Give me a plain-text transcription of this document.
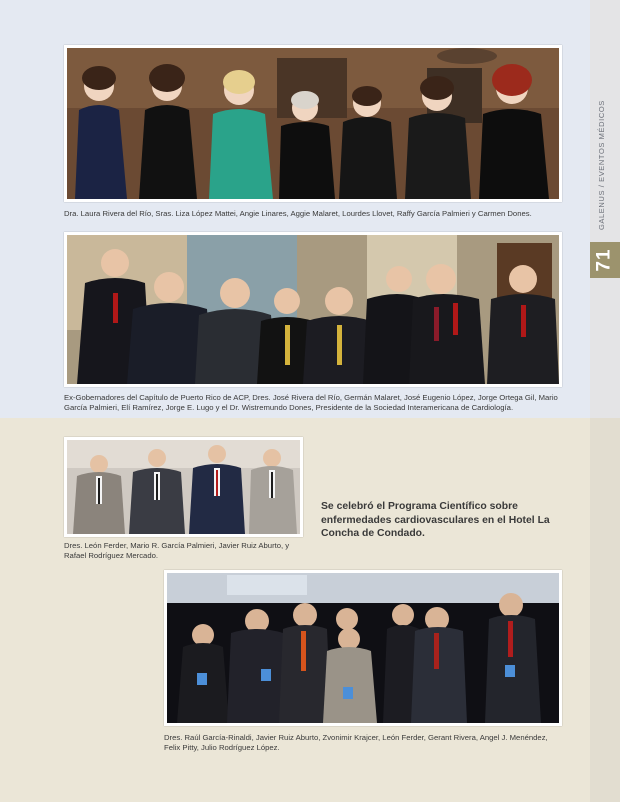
GALENUS / EVENTOS MÉDICOS
71
Dra. Laura Rivera del Río, Sras. Liza López Mattei, Angie Linares, Aggie Malaret, Lourdes Llovet, Raffy García Palmieri y Carmen Dones.
Ex-Gobernadores del Capítulo de Puerto Rico de ACP, Dres. José Rivera del Río, Germán Malaret, José Eugenio López, Jorge Ortega Gil, Mario García Palmieri, Elí Ramírez, Jorge E. Lugo y el Dr. Wistremundo Dones, Presidente de la Sociedad Interamericana de Cardiología.
Dres. León Ferder, Mario R. García Palmieri, Javier Ruiz Aburto, y Rafael Rodríguez Mercado.
Se celebró el Programa Científico sobre enfermedades cardiovasculares en el Hotel La Concha de Condado.
Dres. Raúl García-Rinaldi, Javier Ruiz Aburto, Zvonimir Krajcer, León Ferder, Gerant Rivera, Angel J. Menéndez, Felix Pitty, Julio Rodríguez López.
